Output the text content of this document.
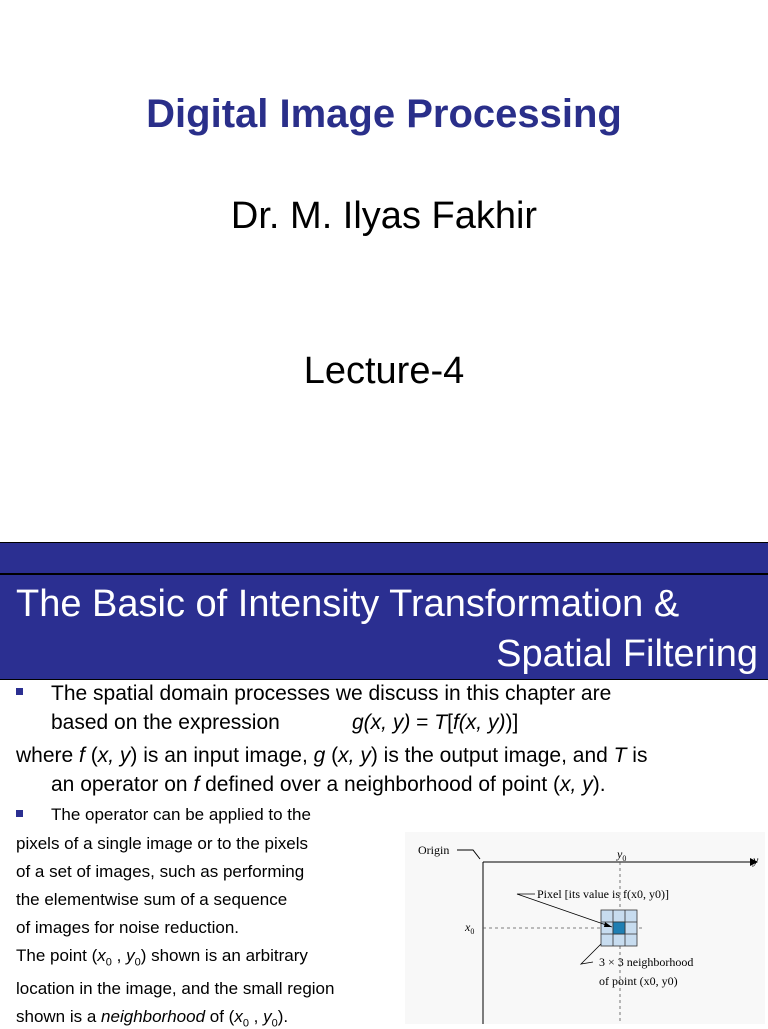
Digital Image Processing
Dr. M. Ilyas Fakhir
Lecture-4
The Basic of Intensity Transformation &
Spatial Filtering
The spatial domain processes we discuss in this chapter are
based on the expression	g(x, y) = T[f(x, y))]
where f (x, y) is an input image, g (x, y) is the output image, and T is
an operator on f defined over a neighborhood of point (x, y).
The operator can be applied to the
pixels of a single image or to the pixels
of a set of images, such as performing
the elementwise sum of a sequence
of images for noise reduction.
The point ($x_0$ , $y_0$) shown is an arbitrary
location in the image, and the small region
shown is a neighborhood of ($x_0$ , $y_0$).
Origin
y
$y_0$
$x_0$
Pixel [its value is f(x0, y0)]
3 × 3 neighborhood
of point (x0, y0)
